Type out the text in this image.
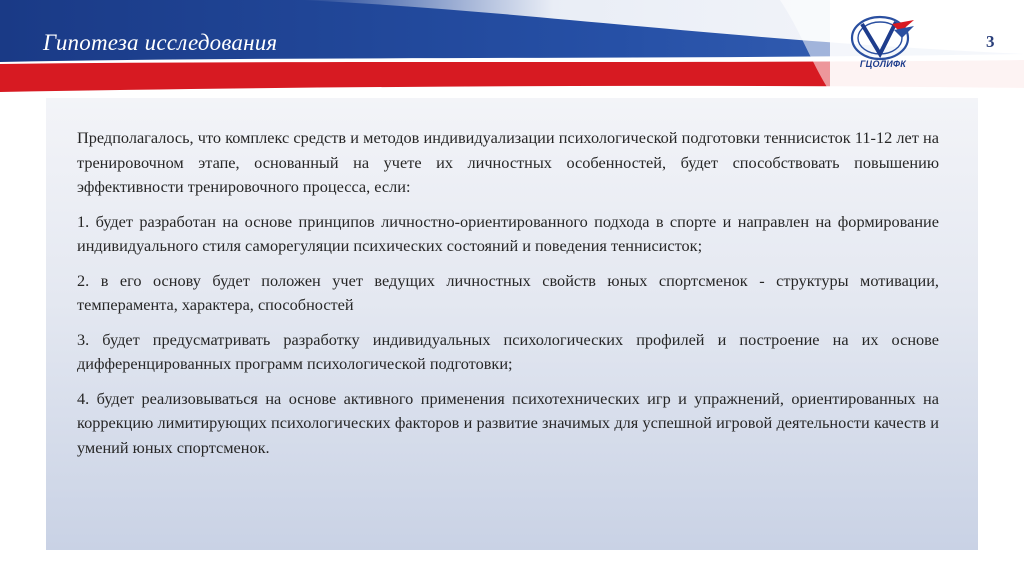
Гипотеза исследования
ГЦОЛИФК
3

Предполагалось, что комплекс средств и методов индивидуализации психологической подготовки теннисисток 11-12 лет на тренировочном этапе, основанный на учете их личностных особенностей, будет способствовать повышению эффективности тренировочного процесса, если:

1. будет разработан на основе принципов личностно-ориентированного подхода в спорте и направлен на формирование индивидуального стиля саморегуляции психических состояний и поведения теннисисток;

2. в его основу будет положен учет ведущих личностных свойств юных спортсменок - структуры мотивации, темперамента, характера, способностей

3. будет предусматривать разработку индивидуальных психологических профилей и построение на их основе дифференцированных программ психологической подготовки;

4. будет реализовываться на основе активного применения психотехнических игр и упражнений, ориентированных на коррекцию лимитирующих психологических факторов и развитие значимых для успешной игровой деятельности качеств и умений юных спортсменок.
